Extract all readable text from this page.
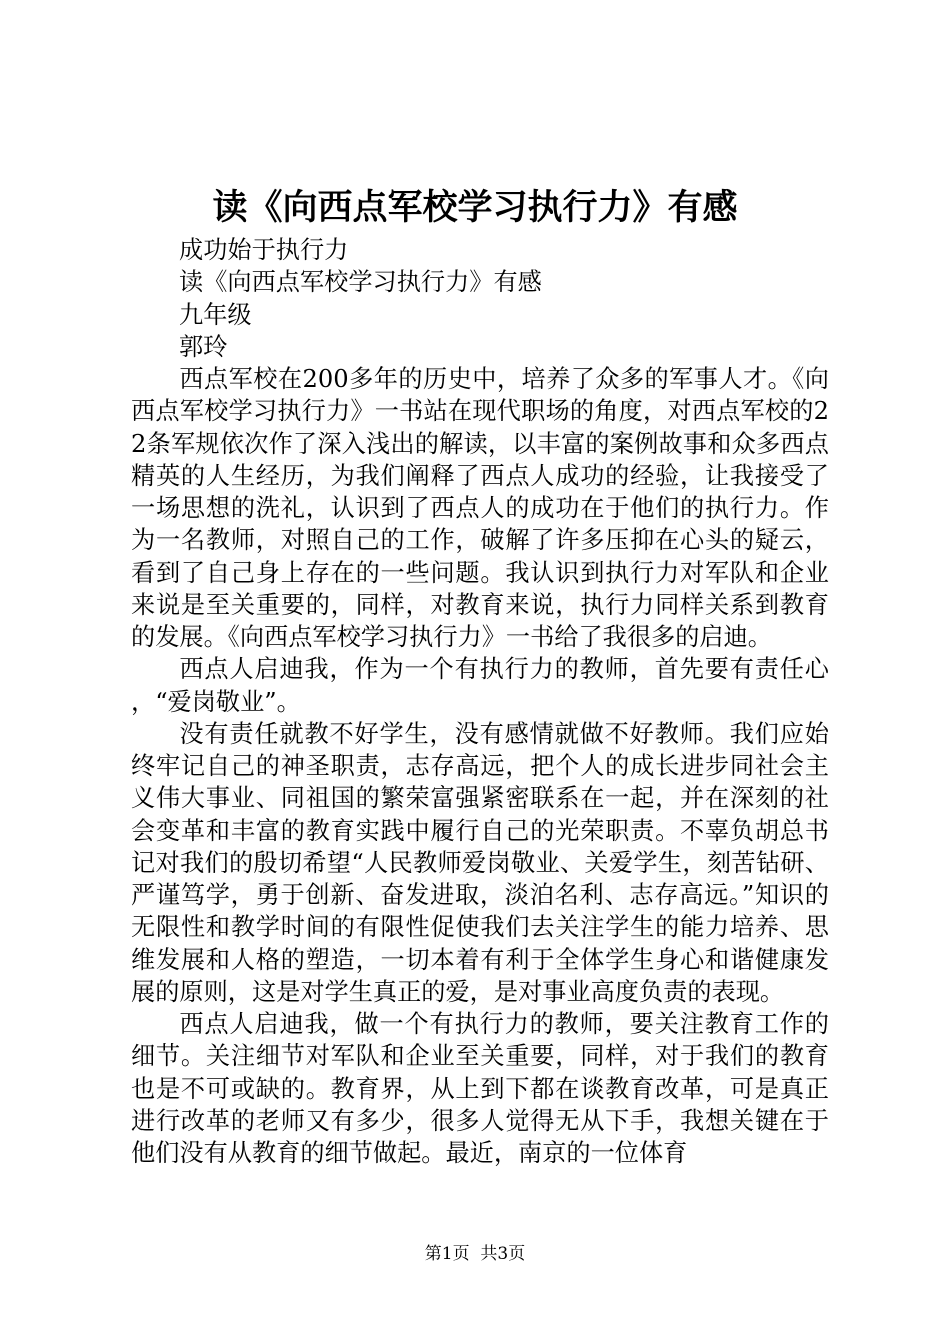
读《向西点军校学习执行力》有感

成功始于执行力

读《向西点军校学习执行力》有感

九年级

郭玲

西点军校在200多年的历史中，培养了众多的军事人才。《向西点军校学习执行力》一书站在现代职场的角度，对西点军校的22条军规依次作了深入浅出的解读，以丰富的案例故事和众多西点精英的人生经历，为我们阐释了西点人成功的经验，让我接受了一场思想的洗礼，认识到了西点人的成功在于他们的执行力。作为一名教师，对照自己的工作，破解了许多压抑在心头的疑云，看到了自己身上存在的一些问题。我认识到执行力对军队和企业来说是至关重要的，同样，对教育来说，执行力同样关系到教育的发展。《向西点军校学习执行力》一书给了我很多的启迪。

西点人启迪我，作为一个有执行力的教师，首先要有责任心，“爱岗敬业”。

没有责任就教不好学生，没有感情就做不好教师。我们应始终牢记自己的神圣职责，志存高远，把个人的成长进步同社会主义伟大事业、同祖国的繁荣富强紧密联系在一起，并在深刻的社会变革和丰富的教育实践中履行自己的光荣职责。不辜负胡总书记对我们的殷切希望“人民教师爱岗敬业、关爱学生，刻苦钻研、严谨笃学，勇于创新、奋发进取，淡泊名利、志存高远。”知识的无限性和教学时间的有限性促使我们去关注学生的能力培养、思维发展和人格的塑造，一切本着有利于全体学生身心和谐健康发展的原则，这是对学生真正的爱，是对事业高度负责的表现。

西点人启迪我，做一个有执行力的教师，要关注教育工作的细节。关注细节对军队和企业至关重要，同样，对于我们的教育也是不可或缺的。教育界，从上到下都在谈教育改革，可是真正进行改革的老师又有多少，很多人觉得无从下手，我想关键在于他们没有从教育的细节做起。最近，南京的一位体育

第1页  共3页
